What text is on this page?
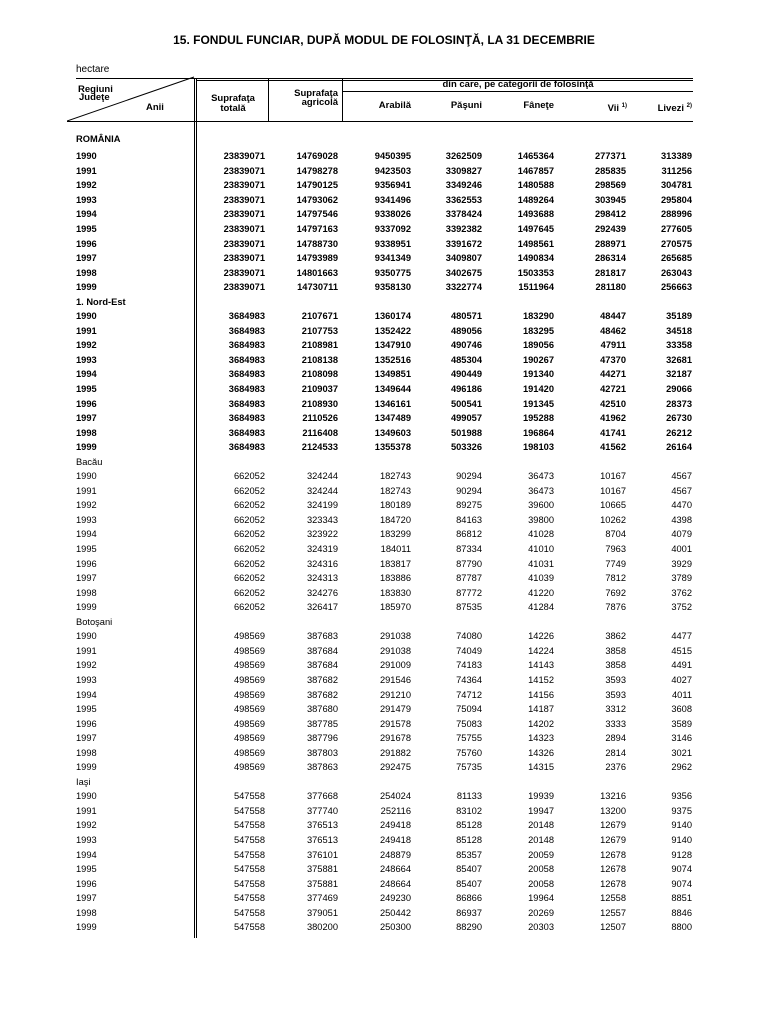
15. FONDUL FUNCIAR, DUPĂ MODUL DE FOLOSINŢĂ, LA 31 DECEMBRIE
hectare
Regiuni
Judeţe
Anii
Suprafaţa totală
Suprafaţa
agricolă
din care, pe categorii de folosinţă
Arabilă	Păşuni	Fâneţe	Vii $^{1)}$	Livezi $^{2)}$
ROMÂNIA							
1990	23839071	14769028	9450395	3262509	1465364	277371	313389
1991	23839071	14798278	9423503	3309827	1467857	285835	311256
1992	23839071	14790125	9356941	3349246	1480588	298569	304781
1993	23839071	14793062	9341496	3362553	1489264	303945	295804
1994	23839071	14797546	9338026	3378424	1493688	298412	288996
1995	23839071	14797163	9337092	3392382	1497645	292439	277605
1996	23839071	14788730	9338951	3391672	1498561	288971	270575
1997	23839071	14793989	9341349	3409807	1490834	286314	265685
1998	23839071	14801663	9350775	3402675	1503353	281817	263043
1999	23839071	14730711	9358130	3322774	1511964	281180	256663

1. Nord-Est							
1990	3684983	2107671	1360174	480571	183290	48447	35189
1991	3684983	2107753	1352422	489056	183295	48462	34518
1992	3684983	2108981	1347910	490746	189056	47911	33358
1993	3684983	2108138	1352516	485304	190267	47370	32681
1994	3684983	2108098	1349851	490449	191340	44271	32187
1995	3684983	2109037	1349644	496186	191420	42721	29066
1996	3684983	2108930	1346161	500541	191345	42510	28373
1997	3684983	2110526	1347489	499057	195288	41962	26730
1998	3684983	2116408	1349603	501988	196864	41741	26212
1999	3684983	2124533	1355378	503326	198103	41562	26164

Bacău							
1990	662052	324244	182743	90294	36473	10167	4567
1991	662052	324244	182743	90294	36473	10167	4567
1992	662052	324199	180189	89275	39600	10665	4470
1993	662052	323343	184720	84163	39800	10262	4398
1994	662052	323922	183299	86812	41028	8704	4079
1995	662052	324319	184011	87334	41010	7963	4001
1996	662052	324316	183817	87790	41031	7749	3929
1997	662052	324313	183886	87787	41039	7812	3789
1998	662052	324276	183830	87772	41220	7692	3762
1999	662052	326417	185970	87535	41284	7876	3752

Botoşani							
1990	498569	387683	291038	74080	14226	3862	4477
1991	498569	387684	291038	74049	14224	3858	4515
1992	498569	387684	291009	74183	14143	3858	4491
1993	498569	387682	291546	74364	14152	3593	4027
1994	498569	387682	291210	74712	14156	3593	4011
1995	498569	387680	291479	75094	14187	3312	3608
1996	498569	387785	291578	75083	14202	3333	3589
1997	498569	387796	291678	75755	14323	2894	3146
1998	498569	387803	291882	75760	14326	2814	3021
1999	498569	387863	292475	75735	14315	2376	2962

Iaşi							
1990	547558	377668	254024	81133	19939	13216	9356
1991	547558	377740	252116	83102	19947	13200	9375
1992	547558	376513	249418	85128	20148	12679	9140
1993	547558	376513	249418	85128	20148	12679	9140
1994	547558	376101	248879	85357	20059	12678	9128
1995	547558	375881	248664	85407	20058	12678	9074
1996	547558	375881	248664	85407	20058	12678	9074
1997	547558	377469	249230	86866	19964	12558	8851
1998	547558	379051	250442	86937	20269	12557	8846
1999	547558	380200	250300	88290	20303	12507	8800
